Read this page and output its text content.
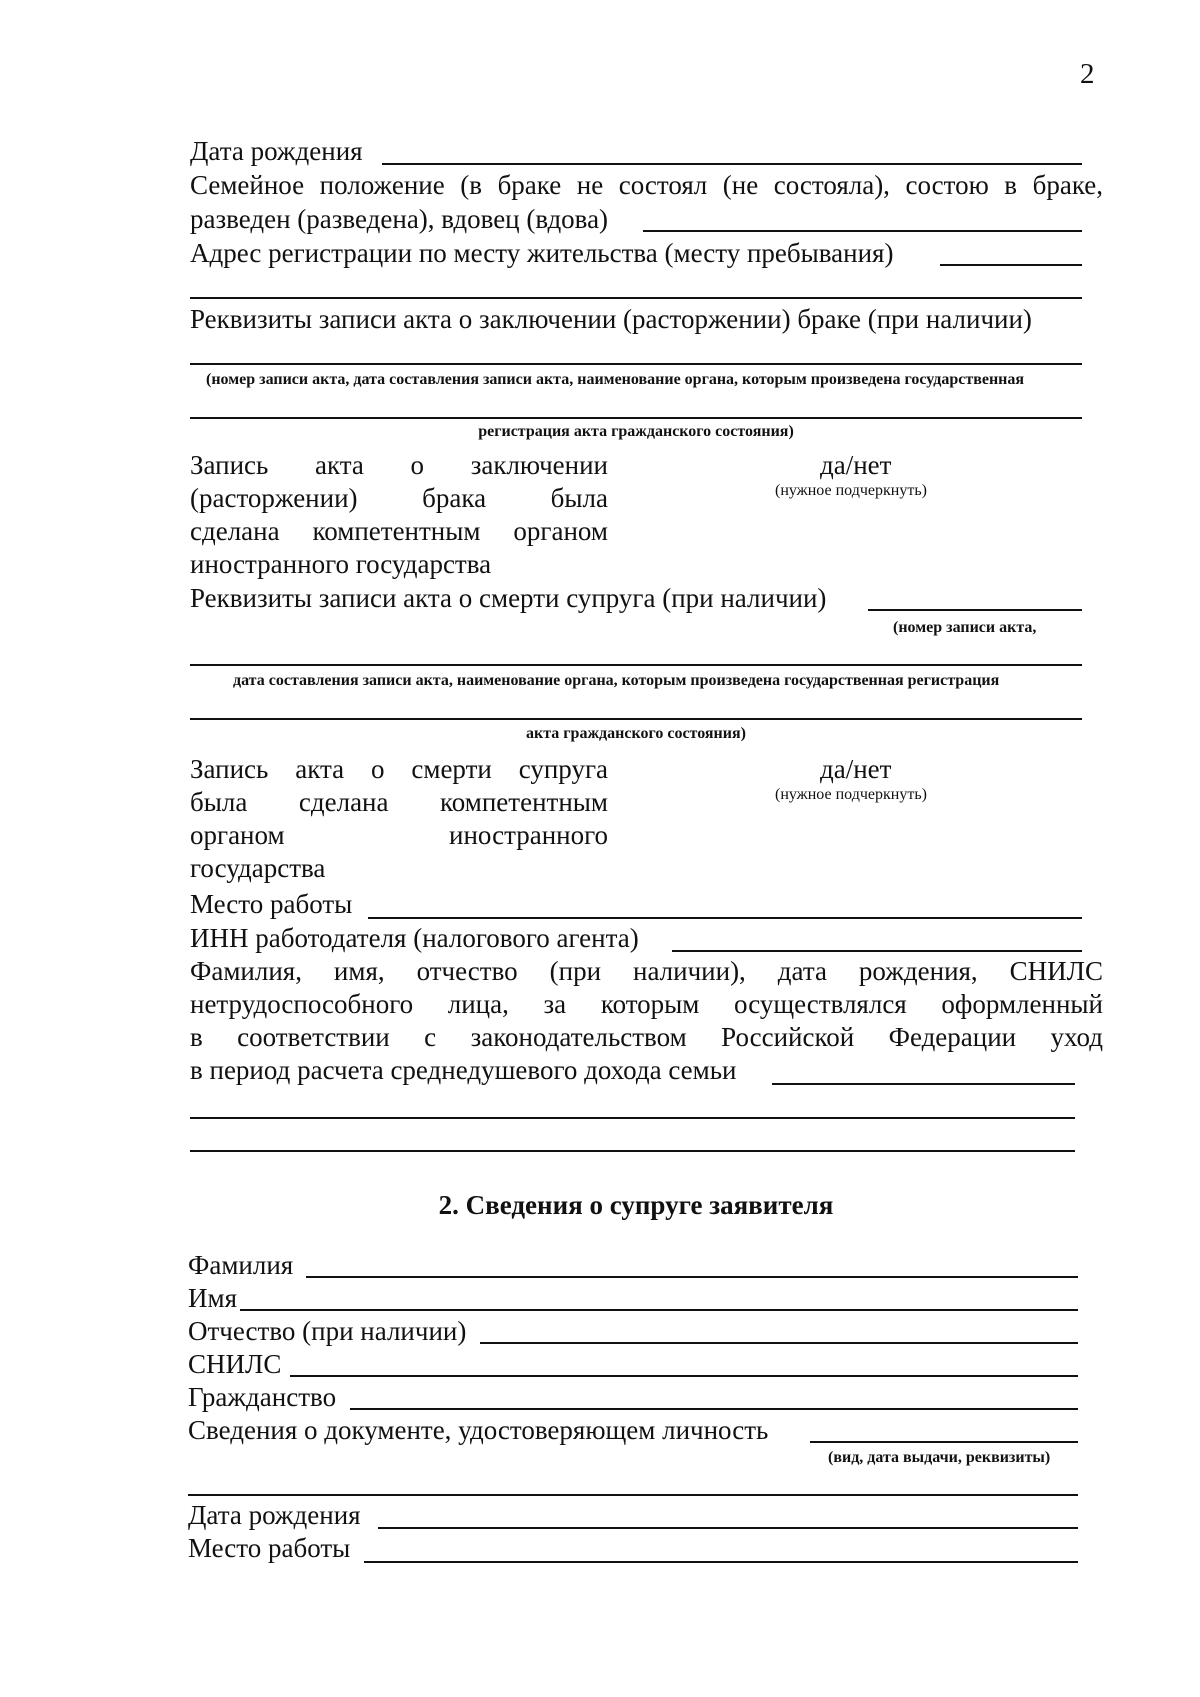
2
Дата рождения
Семейное положение (в браке не состоял (не состояла), состою в браке,
разведен (разведена), вдовец (вдова)
Адрес регистрации по месту жительства (месту пребывания)
Реквизиты записи акта о заключении (расторжении) браке (при наличии)
(номер записи акта, дата составления записи акта, наименование органа, которым произведена государственная
регистрация акта гражданского состояния)
Запись акта о заключении
(расторжении) брака была
сделана компетентным органом
иностранного государства
да/нет
(нужное подчеркнуть)
Реквизиты записи акта о смерти супруга (при наличии)
(номер записи акта,
дата составления записи акта, наименование органа, которым произведена государственная регистрация
акта гражданского состояния)
Запись акта о смерти супруга
была сделана компетентным
органом иностранного
государства
да/нет
(нужное подчеркнуть)
Место работы
ИНН работодателя (налогового агента)
Фамилия, имя, отчество (при наличии), дата рождения, СНИЛС
нетрудоспособного лица, за которым осуществлялся оформленный
в соответствии с законодательством Российской Федерации уход
в период расчета среднедушевого дохода семьи
2. Сведения о супруге заявителя
Фамилия
Имя
Отчество (при наличии)
СНИЛС
Гражданство
Сведения о документе, удостоверяющем личность
(вид, дата выдачи, реквизиты)
Дата рождения
Место работы
